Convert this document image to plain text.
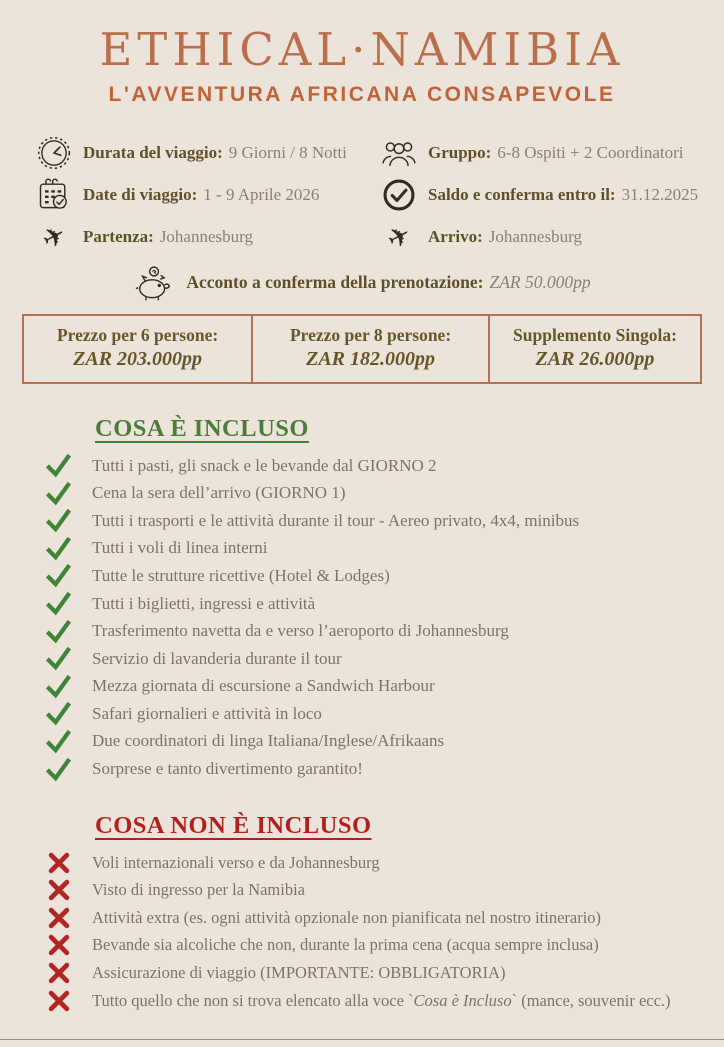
ETHICAL·NAMIBIA
L'AVVENTURA AFRICANA CONSAPEVOLE
Durata del viaggio: 9 Giorni / 8 Notti	Gruppo: 6-8 Ospiti + 2 Coordinatori
Date di viaggio: 1 - 9 Aprile 2026	Saldo e conferma entro il: 31.12.2025
✈ Partenza: Johannesburg	✈ Arrivo: Johannesburg
Acconto a conferma della prenotazione: ZAR 50.000pp
Prezzo per 6 persone:
ZAR 203.000pp
Prezzo per 8 persone:
ZAR 182.000pp
Supplemento Singola:
ZAR 26.000pp
COSA È INCLUSO
Tutti i pasti, gli snack e le bevande dal GIORNO 2
Cena la sera dell’arrivo (GIORNO 1)
Tutti i trasporti e le attività durante il tour - Aereo privato, 4x4, minibus
Tutti i voli di linea interni
Tutte le strutture ricettive (Hotel & Lodges)
Tutti i biglietti, ingressi e attività
Trasferimento navetta da e verso l’aeroporto di Johannesburg
Servizio di lavanderia durante il tour
Mezza giornata di escursione a Sandwich Harbour
Safari giornalieri e attività in loco
Due coordinatori di linga Italiana/Inglese/Afrikaans
Sorprese e tanto divertimento garantito!
COSA NON È INCLUSO
Voli internazionali verso e da Johannesburg
Visto di ingresso per la Namibia
Attività extra (es. ogni attività opzionale non pianificata nel nostro itinerario)
Bevande sia alcoliche che non, durante la prima cena (acqua sempre inclusa)
Assicurazione di viaggio (IMPORTANTE: OBBLIGATORIA)
Tutto quello che non si trova elencato alla voce `Cosa è Incluso` (mance, souvenir ecc.)
